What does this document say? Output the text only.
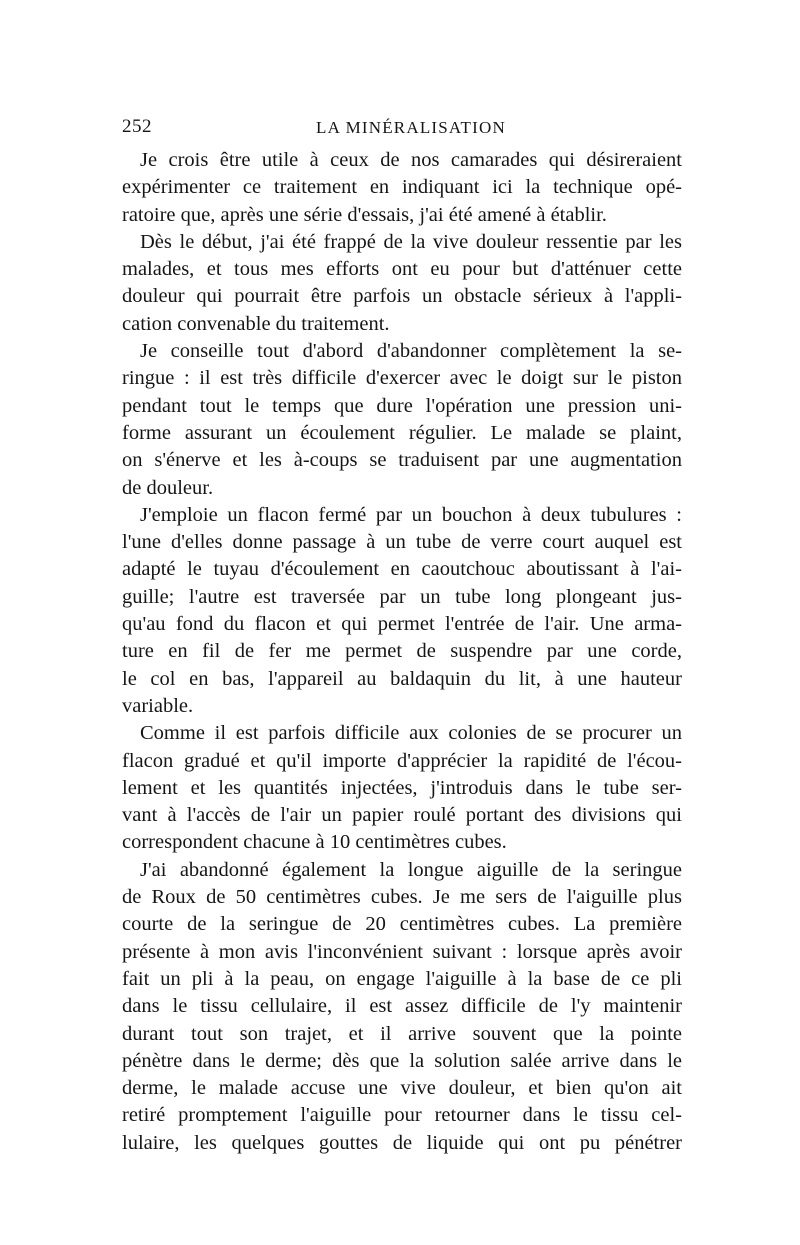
252	LA MINÉRALISATION
Je crois être utile à ceux de nos camarades qui désireraient
expérimenter ce traitement en indiquant ici la technique opé-
ratoire que, après une série d'essais, j'ai été amené à établir.
Dès le début, j'ai été frappé de la vive douleur ressentie par les
malades, et tous mes efforts ont eu pour but d'atténuer cette
douleur qui pourrait être parfois un obstacle sérieux à l'appli-
cation convenable du traitement.
Je conseille tout d'abord d'abandonner complètement la se-
ringue : il est très difficile d'exercer avec le doigt sur le piston
pendant tout le temps que dure l'opération une pression uni-
forme assurant un écoulement régulier. Le malade se plaint,
on s'énerve et les à-coups se traduisent par une augmentation
de douleur.
J'emploie un flacon fermé par un bouchon à deux tubulures :
l'une d'elles donne passage à un tube de verre court auquel est
adapté le tuyau d'écoulement en caoutchouc aboutissant à l'ai-
guille; l'autre est traversée par un tube long plongeant jus-
qu'au fond du flacon et qui permet l'entrée de l'air. Une arma-
ture en fil de fer me permet de suspendre par une corde,
le col en bas, l'appareil au baldaquin du lit, à une hauteur
variable.
Comme il est parfois difficile aux colonies de se procurer un
flacon gradué et qu'il importe d'apprécier la rapidité de l'écou-
lement et les quantités injectées, j'introduis dans le tube ser-
vant à l'accès de l'air un papier roulé portant des divisions qui
correspondent chacune à 10 centimètres cubes.
J'ai abandonné également la longue aiguille de la seringue
de Roux de 50 centimètres cubes. Je me sers de l'aiguille plus
courte de la seringue de 20 centimètres cubes. La première
présente à mon avis l'inconvénient suivant : lorsque après avoir
fait un pli à la peau, on engage l'aiguille à la base de ce pli
dans le tissu cellulaire, il est assez difficile de l'y maintenir
durant tout son trajet, et il arrive souvent que la pointe
pénètre dans le derme; dès que la solution salée arrive dans le
derme, le malade accuse une vive douleur, et bien qu'on ait
retiré promptement l'aiguille pour retourner dans le tissu cel-
lulaire, les quelques gouttes de liquide qui ont pu pénétrer
